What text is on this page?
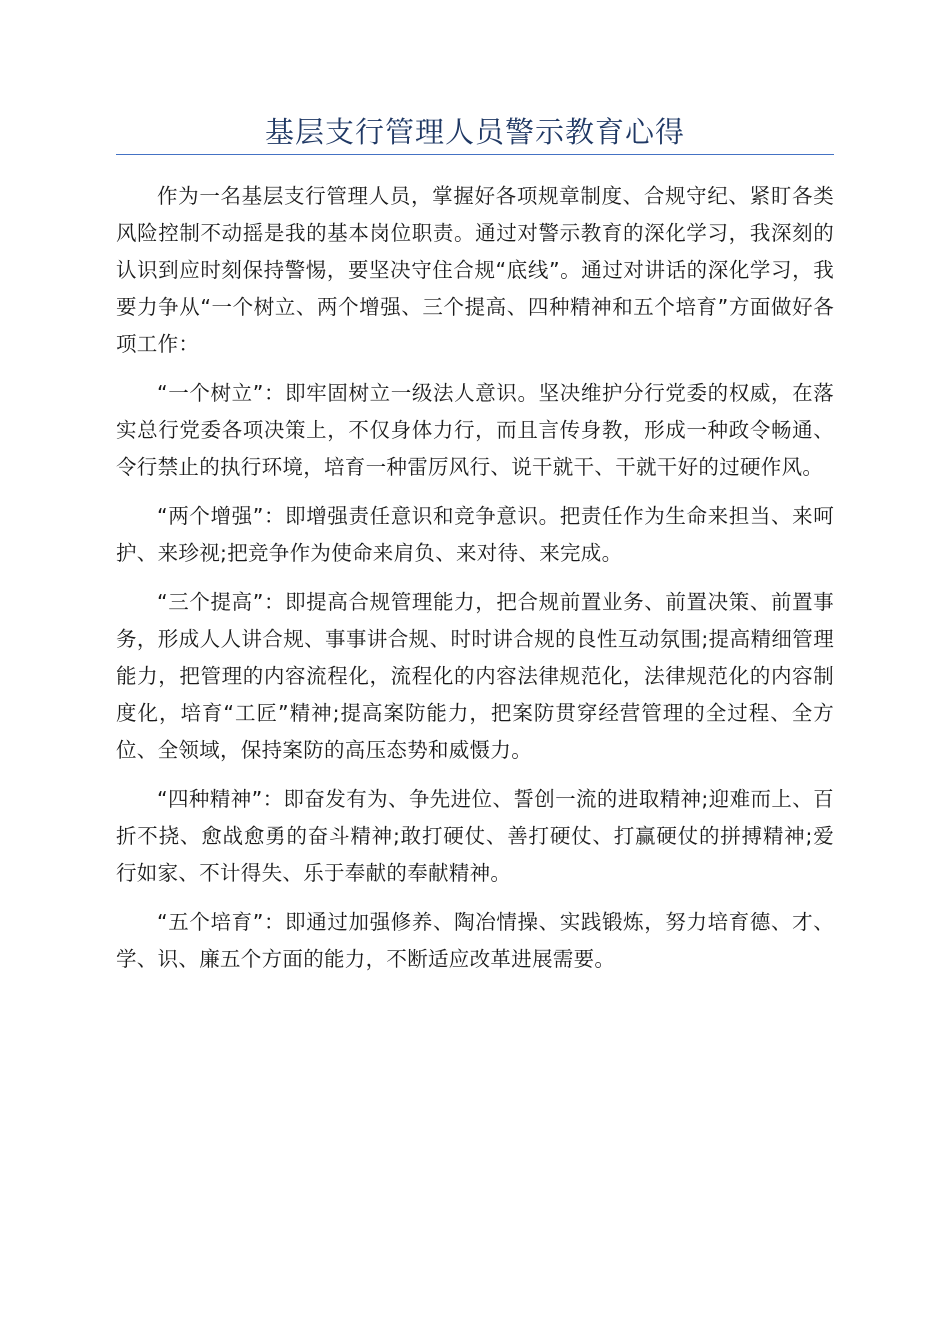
基层支行管理人员警示教育心得

作为一名基层支行管理人员，掌握好各项规章制度、合规守纪、紧盯各类风险控制不动摇是我的基本岗位职责。通过对警示教育的深化学习，我深刻的认识到应时刻保持警惕，要坚决守住合规“底线”。通过对讲话的深化学习，我要力争从“一个树立、两个增强、三个提高、四种精神和五个培育”方面做好各项工作：

“一个树立”：即牢固树立一级法人意识。坚决维护分行党委的权威，在落实总行党委各项决策上，不仅身体力行，而且言传身教，形成一种政令畅通、令行禁止的执行环境，培育一种雷厉风行、说干就干、干就干好的过硬作风。

“两个增强”：即增强责任意识和竞争意识。把责任作为生命来担当、来呵护、来珍视;把竞争作为使命来肩负、来对待、来完成。

“三个提高”：即提高合规管理能力，把合规前置业务、前置决策、前置事务，形成人人讲合规、事事讲合规、时时讲合规的良性互动氛围;提高精细管理能力，把管理的内容流程化，流程化的内容法律规范化，法律规范化的内容制度化，培育“工匠”精神;提高案防能力，把案防贯穿经营管理的全过程、全方位、全领域，保持案防的高压态势和威慑力。

“四种精神”：即奋发有为、争先进位、誓创一流的进取精神;迎难而上、百折不挠、愈战愈勇的奋斗精神;敢打硬仗、善打硬仗、打赢硬仗的拼搏精神;爱行如家、不计得失、乐于奉献的奉献精神。

“五个培育”：即通过加强修养、陶冶情操、实践锻炼，努力培育德、才、学、识、廉五个方面的能力，不断适应改革进展需要。
